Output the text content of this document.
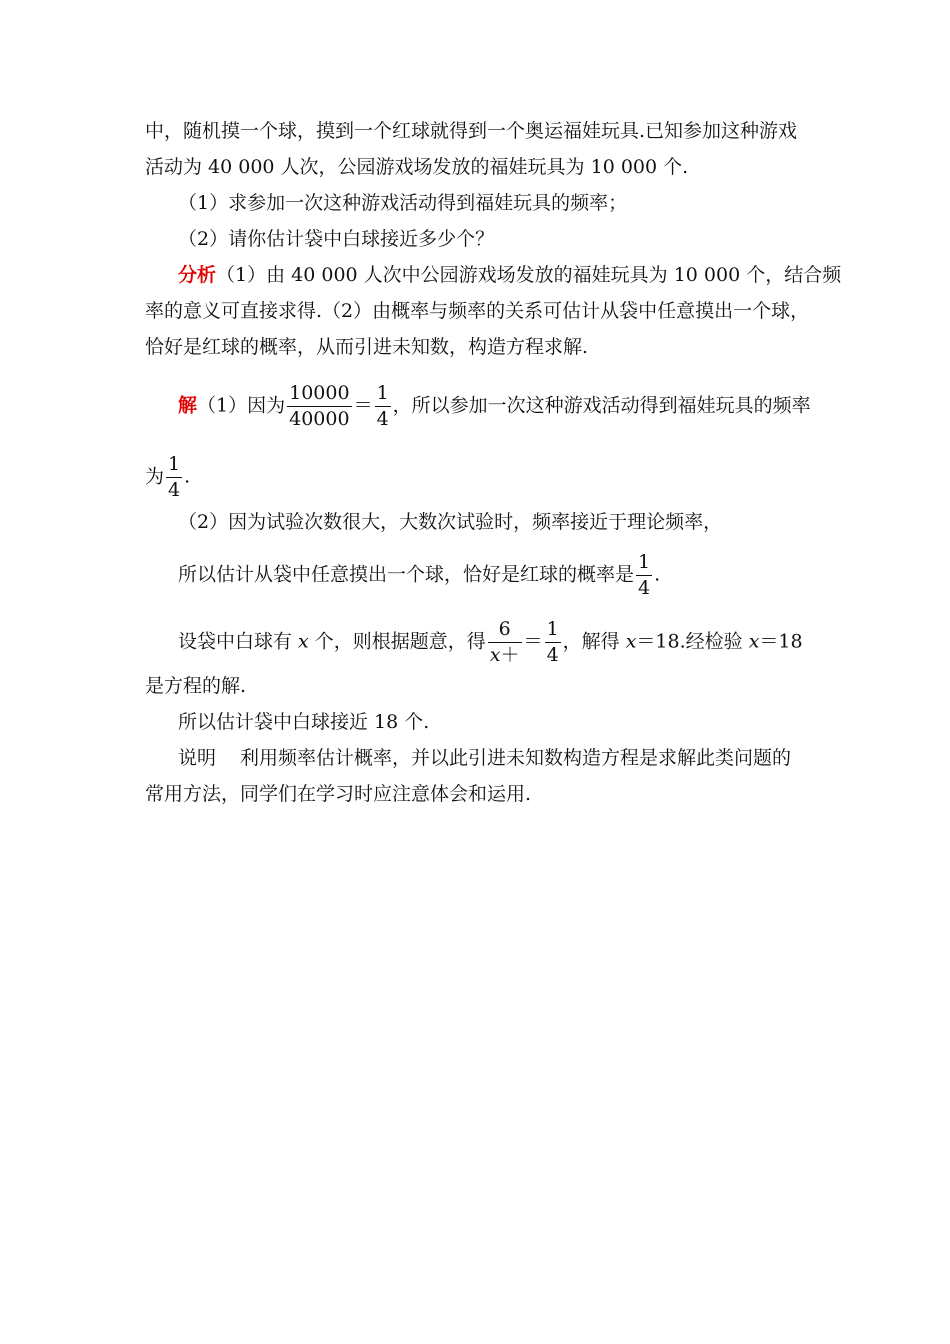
中，随机摸一个球，摸到一个红球就得到一个奥运福娃玩具.已知参加这种游戏
活动为 40 000 人次，公园游戏场发放的福娃玩具为 10 000 个.
（1）求参加一次这种游戏活动得到福娃玩具的频率；
（2）请你估计袋中白球接近多少个？
分析（1）由 40 000 人次中公园游戏场发放的福娃玩具为 10 000 个，结合频
率的意义可直接求得.（2）由概率与频率的关系可估计从袋中任意摸出一个球，
恰好是红球的概率，从而引进未知数，构造方程求解.
解（1）因为 $\frac{10000}{40000} = \frac{1}{4}$ ，所以参加一次这种游戏活动得到福娃玩具的频率
为 $\frac{1}{4}$ .
（2）因为试验次数很大，大数次试验时，频率接近于理论频率，
所以估计从袋中任意摸出一个球，恰好是红球的概率是 $\frac{1}{4}$ .
设袋中白球有 x 个，则根据题意，得 $\frac{6}{x+} = \frac{1}{4}$ ，解得 x＝18.经检验 x＝18
是方程的解.
所以估计袋中白球接近 18 个.
说明 利用频率估计概率，并以此引进未知数构造方程是求解此类问题的
常用方法，同学们在学习时应注意体会和运用.
